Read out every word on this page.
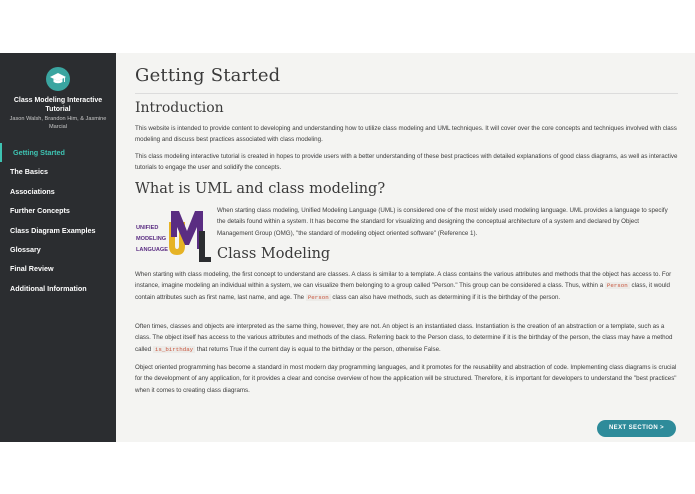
Class Modeling Interactive Tutorial
Jason Walsh, Brandon Him, & Jasmine Marcial
Getting Started
The Basics
Associations
Further Concepts
Class Diagram Examples
Glossary
Final Review
Additional Information
Getting Started
Introduction

This website is intended to provide content to developing and understanding how to utilize class modeling and UML techniques. It will cover over the core concepts and techniques involved with class modeling and discuss best practices associated with class modeling.

This class modeling interactive tutorial is created in hopes to provide users with a better understanding of these best practices with detailed explanations of good class diagrams, as well as interactive tutorials to engage the user and solidify the concepts.

What is UML and class modeling?
UNIFIED
MODELING
LANGUAGE
UML

When starting class modeling, Unified Modeling Language (UML) is considered one of the most widely used modeling language. UML provides a language to specify the details found within a system. It has become the standard for visualizing and designing the conceptual architecture of a system and declared by Object Management Group (OMG), "the standard of modeling object oriented software" (Reference 1).

Class Modeling

When starting with class modeling, the first concept to understand are classes. A class is similar to a template. A class contains the various attributes and methods that the object has access to. For instance, imagine modeling an individual within a system, we can visualize them belonging to a group called "Person." This group can be considered a class. Thus, within a Person class, it would contain attributes such as first name, last name, and age. The Person class can also have methods, such as determining if it is the birthday of the person.

Often times, classes and objects are interpreted as the same thing, however, they are not. An object is an instantiated class. Instantiation is the creation of an abstraction or a template, such as a class. The object itself has access to the various attributes and methods of the class. Referring back to the Person class, to determine if it is the birthday of the person, the class may have a method called is_birthday that returns True if the current day is equal to the birthday or the person, otherwise False.

Object oriented programming has become a standard in most modern day programming languages, and it promotes for the reusability and abstraction of code. Implementing class diagrams is crucial for the development of any application, for it provides a clear and concise overview of how the application will be structured. Therefore, it is important for developers to understand the "best practices" when it comes to creating class diagrams.

NEXT SECTION >
